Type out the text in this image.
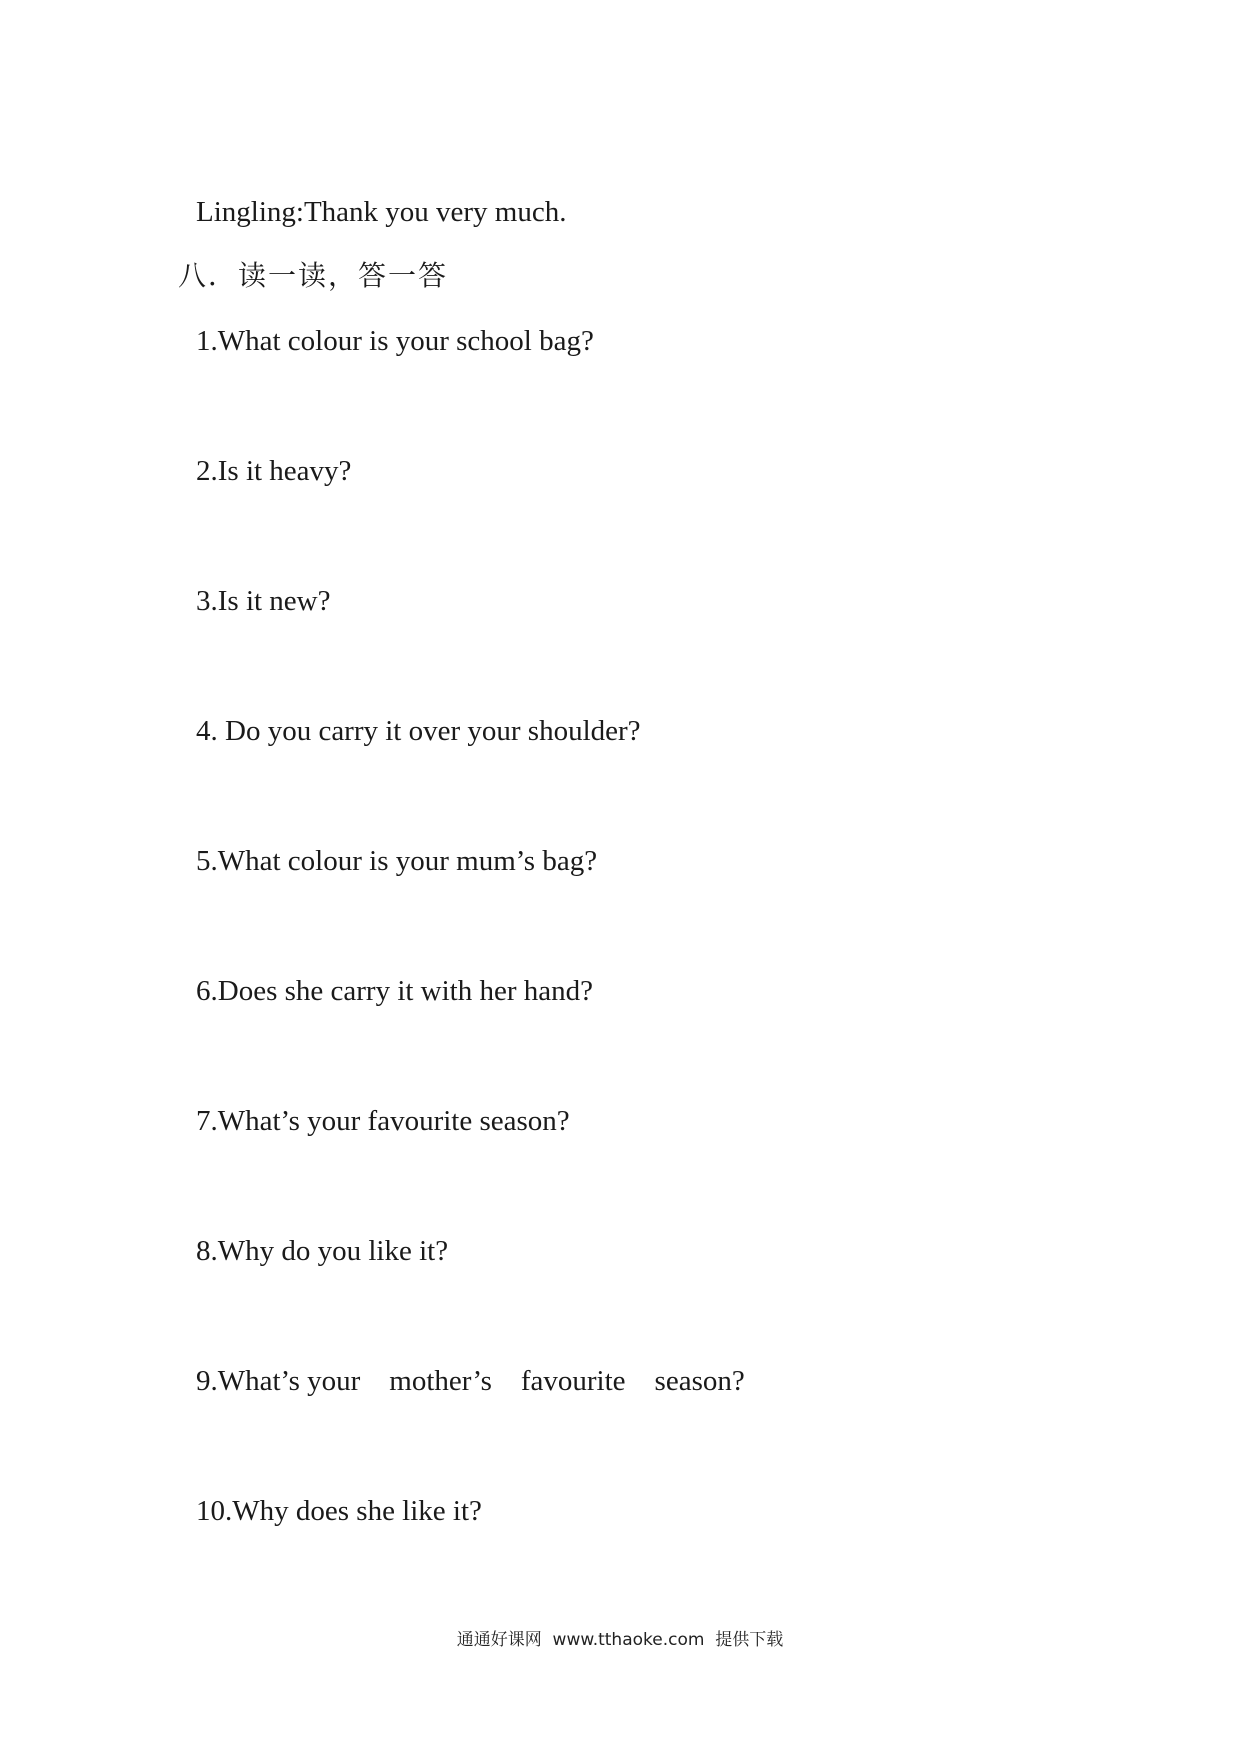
Lingling:Thank you very much.
八．读一读，答一答
1.What colour is your school bag?
2.Is it heavy?
3.Is it new?
4. Do you carry it over your shoulder?
5.What colour is your mum’s bag?
6.Does she carry it with her hand?
7.What’s your favourite season?
8.Why do you like it?
9.What’s your    mother’s    favourite    season?
10.Why does she like it?
通通好课网  www.tthaoke.com  提供下载
